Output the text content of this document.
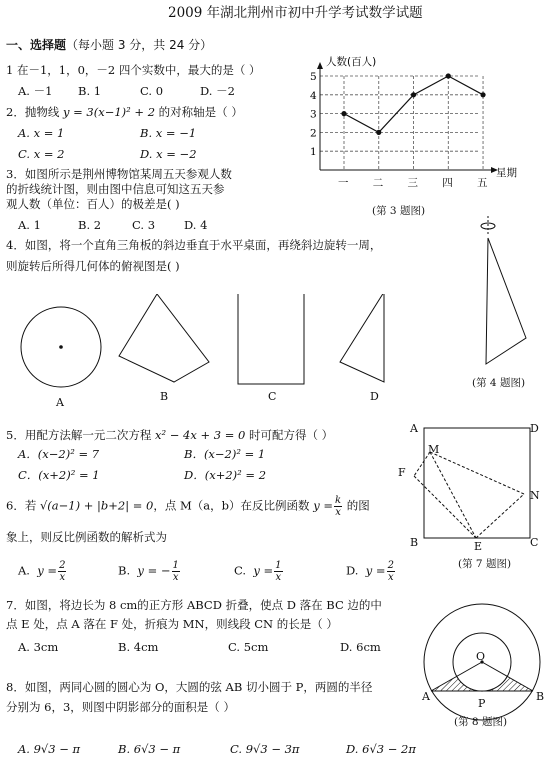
2009 年湖北荆州市初中升学考试数学试题
一、选择题（每小题 3 分，共 24 分）
1 在－1，1，0，－2 四个实数中，最大的是（ ）
A. －1 B. 1	C. 0	D. －2
2．抛物线 y = 3(x−1)² + 2 的对称轴是（ ）
A. x = 1	B. x = −1
C. x = 2	D. x = −2
3．如图所示是荆州博物馆某周五天参观人数
的折线统计图，则由图中信息可知这五天参
观人数（单位：百人）的极差是( )
A. 1	B. 2	C. 3	D. 4
1
2
3
4
5
一 二 三 四 五
人数(百人)
星期
(第 3 题图)
4．如图，将一个直角三角板的斜边垂直于水平桌面，再绕斜边旋转一周，
则旋转后所得几何体的俯视图是( )
A	B	C	D
(第 4 题图)
5．用配方法解一元二次方程 x² − 4x + 3 = 0 时可配方得（ ）
A．(x−2)² = 7	B．(x−2)² = 1
C．(x+2)² = 1	D．(x+2)² = 2
6．若 √(a−1) + |b+2| = 0，点 M（a，b）在反比例函数 $y = \frac{k}{x}$ 的图
象上，则反比例函数的解析式为
A. $y = \frac{2}{x}$	B. y = − $\frac{1}{x}$	C. $y = \frac{1}{x}$	D. $y = \frac{2}{x}$
A	D
M
F
N
B	E	C
(第 7 题图)
7．如图，将边长为 8 cm的正方形 ABCD 折叠，使点 D 落在 BC 边的中
点 E 处，点 A 落在 F 处，折痕为 MN，则线段 CN 的长是（ ）
A. 3cm	B. 4cm	C. 5cm	D. 6cm
O
A	B
P
(第 8 题图)
8．如图，两同心圆的圆心为 O，大圆的弦 AB 切小圆于 P，两圆的半径
分别为 6，3，则图中阴影部分的面积是（ ）
A. 9√3 − π	B. 6√3 − π	C. 9√3 − 3π	D. 6√3 − 2π
